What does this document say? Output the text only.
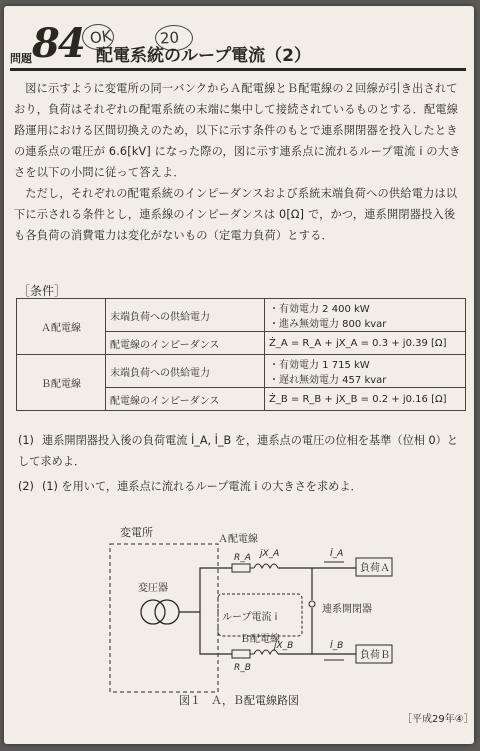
OK	20
問題 84 配電系統のループ電流（2）

図に示すように変電所の同一バンクからＡ配電線とＢ配電線の２回線が引き出されており，負荷はそれぞれの配電系統の末端に集中して接続されているものとする．配電線路運用における区間切換えのため，以下に示す条件のもとで連系開閉器を投入したときの連系点の電圧が 6.6[kV] になった際の，図に示す連系点に流れるループ電流 i の大きさを以下の小問に従って答えよ．

ただし，それぞれの配電系統のインピーダンスおよび系統末端負荷への供給電力は以下に示される条件とし，連系線のインピーダンスは 0[Ω] で，かつ，連系開閉器投入後も各負荷の消費電力は変化がないもの（定電力負荷）とする．

［条件］
Ａ配電線	末端負荷への供給電力	・有効電力 2 400 kW
・進み無効電力 800 kvar

	配電線のインピーダンス	Ż_A = R_A + jX_A = 0.3 + j0.39 [Ω]
Ｂ配電線	末端負荷への供給電力	・有効電力 1 715 kW
・遅れ無効電力 457 kvar

	配電線のインピーダンス	Ż_B = R_B + jX_B = 0.2 + j0.16 [Ω]
(1) 連系開閉器投入後の負荷電流 İ_A, İ_B を，連系点の電圧の位相を基準（位相 0）として求めよ．
(2) (1) を用いて，連系点に流れるループ電流 i の大きさを求めよ．
変電所
変圧器
Ａ配電線
R_A jX_A	İ_A
負荷Ａ
Ｂ配電線
R_B
jX_B	İ_B
負荷Ｂ
連系開閉器
ループ電流 i
図１ Ａ，Ｂ配電線路図
［平成29年④］
